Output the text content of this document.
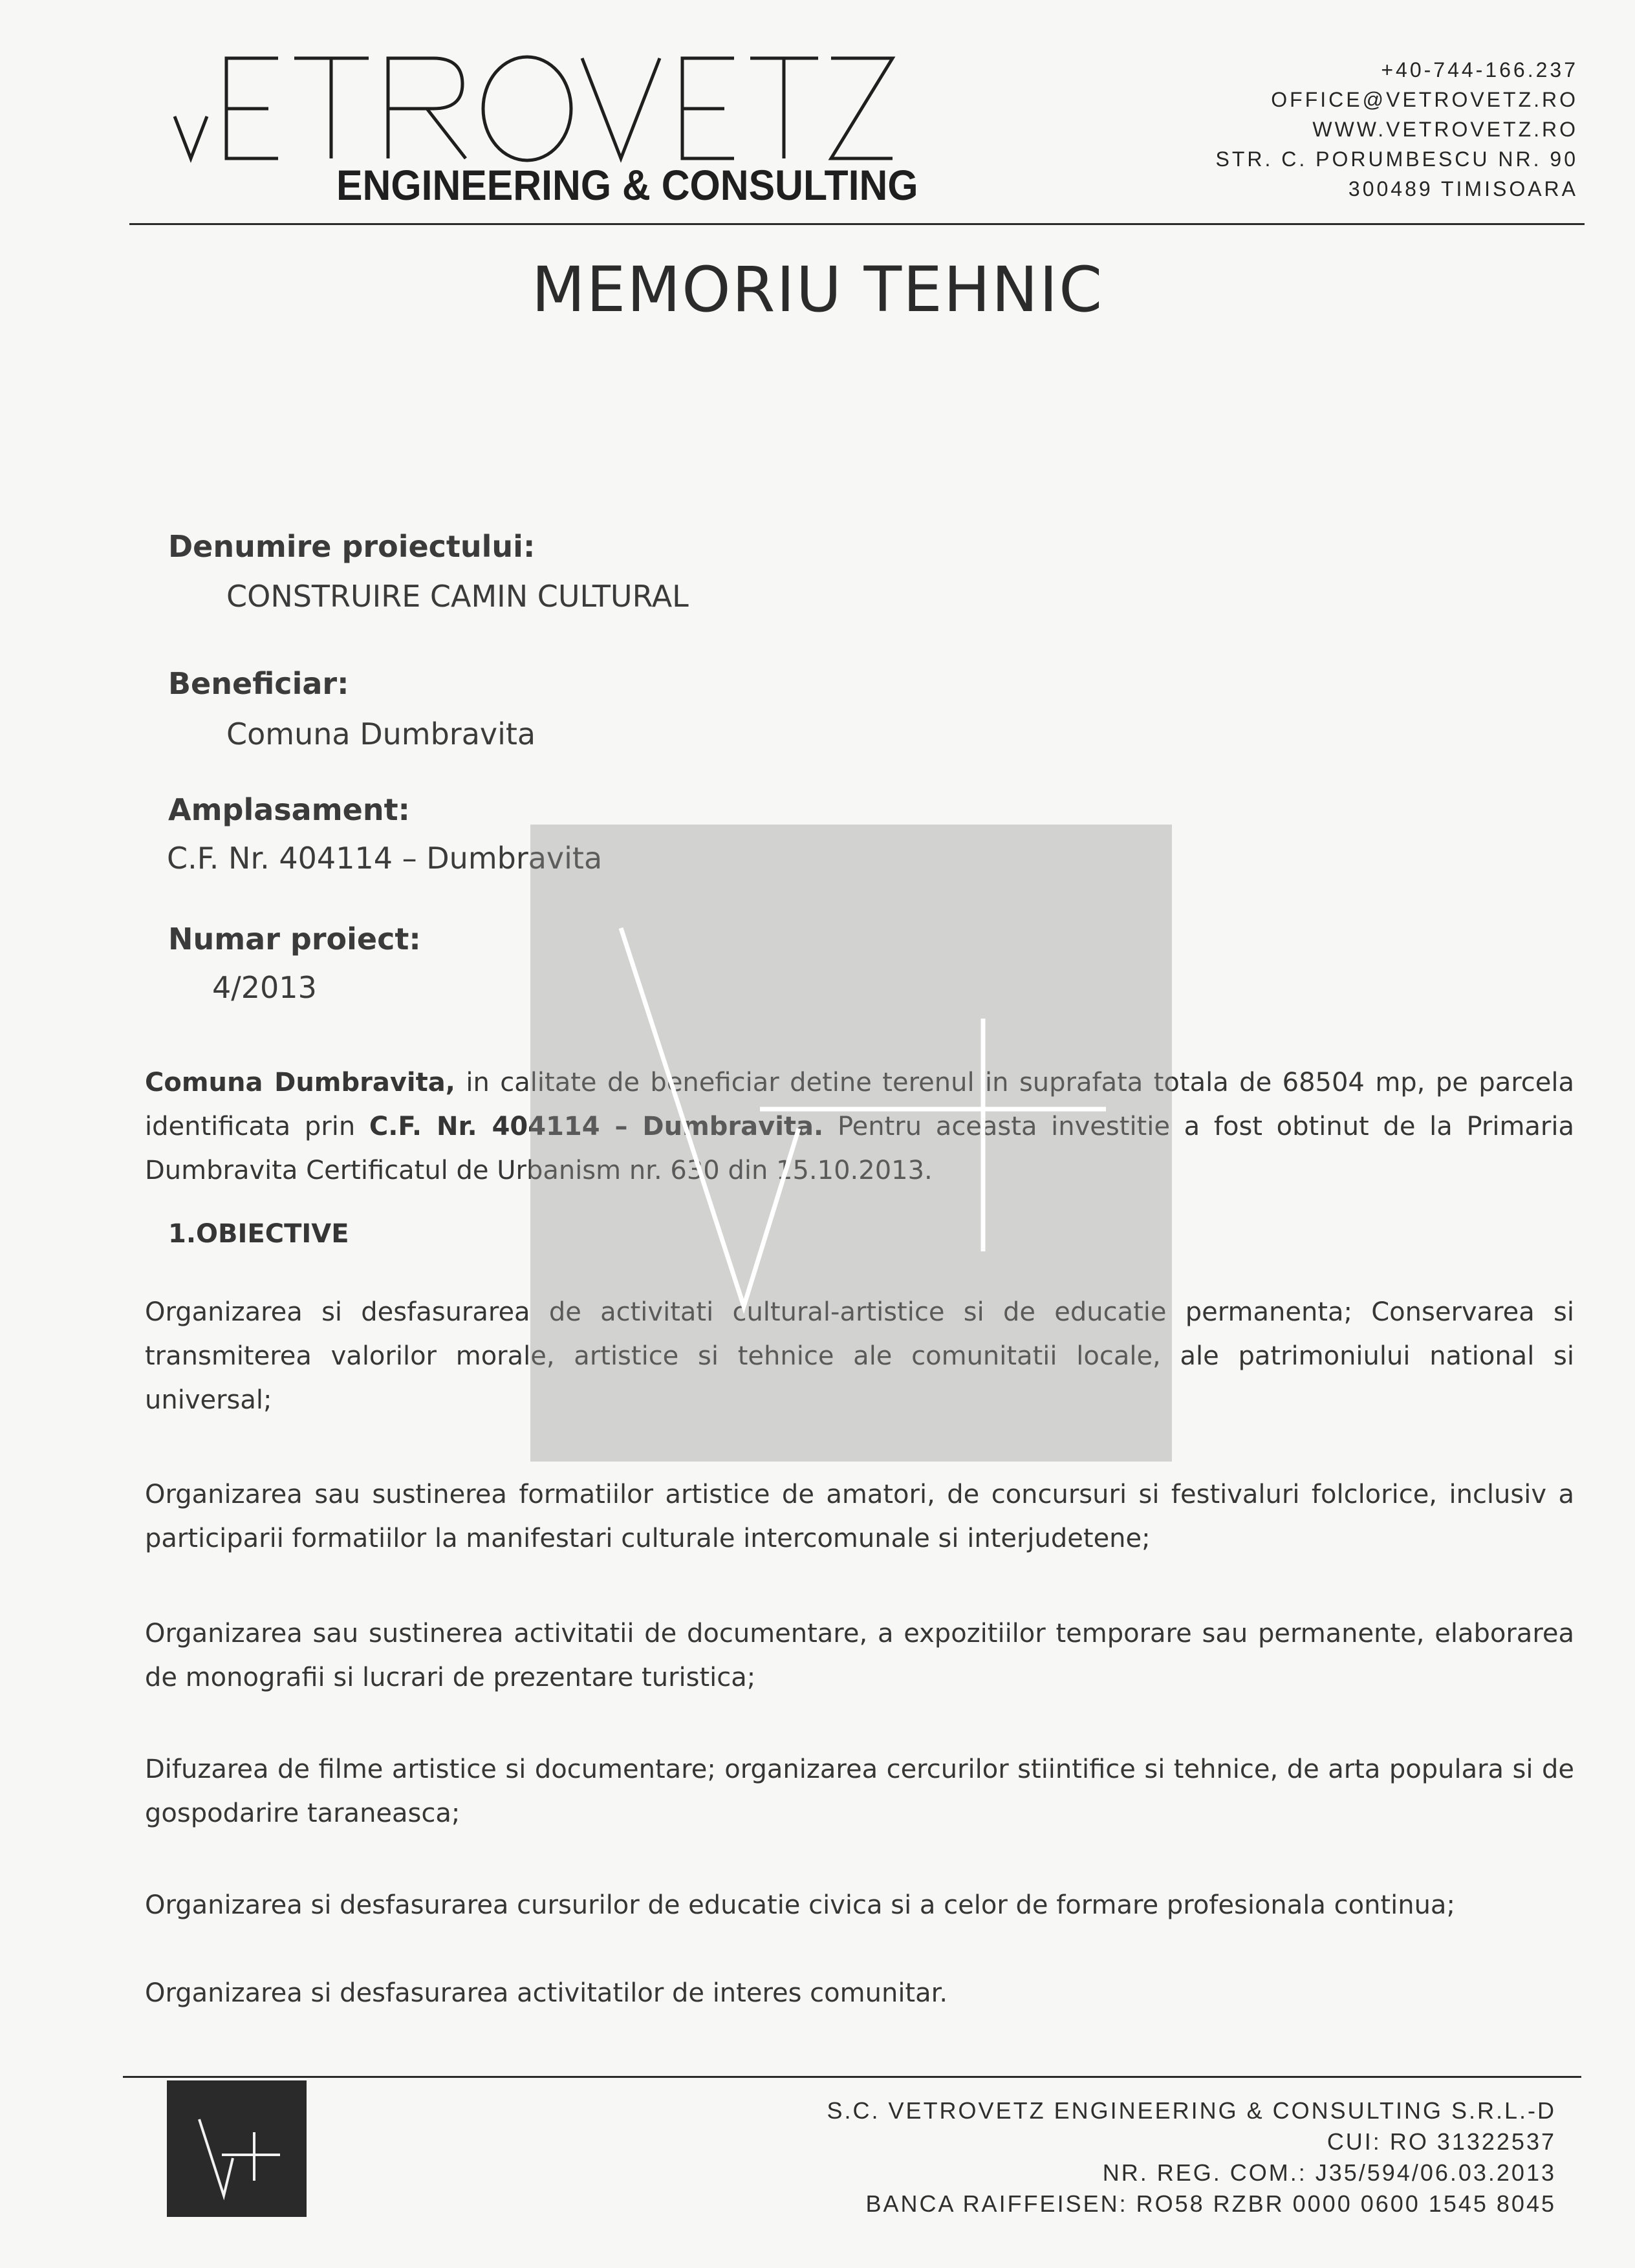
VETROVETZ
ENGINEERING & CONSULTING
+40-744-166.237
OFFICE@VETROVETZ.RO
WWW.VETROVETZ.RO
STR. C. PORUMBESCU NR. 90
300489 TIMISOARA
MEMORIU TEHNIC
Denumire proiectului:
CONSTRUIRE CAMIN CULTURAL
Beneficiar:
Comuna Dumbravita
Amplasament:
C.F. Nr. 404114 – Dumbravita
Numar proiect:
4/2013
Comuna Dumbravita, in calitate de beneficiar detine terenul in suprafata totala de 68504 mp, pe parcela identificata prin C.F. Nr. 404114 – Dumbravita. Pentru aceasta investitie a fost obtinut de la Primaria Dumbravita Certificatul de Urbanism nr. 630 din 15.10.2013.
1.OBIECTIVE
Organizarea si desfasurarea de activitati cultural-artistice si de educatie permanenta; Conservarea si transmiterea valorilor morale, artistice si tehnice ale comunitatii locale, ale patrimoniului national si universal;
Organizarea sau sustinerea formatiilor artistice de amatori, de concursuri si festivaluri folclorice, inclusiv a participarii formatiilor la manifestari culturale intercomunale si interjudetene;
Organizarea sau sustinerea activitatii de documentare, a expozitiilor temporare sau permanente, elaborarea de monografii si lucrari de prezentare turistica;
Difuzarea de filme artistice si documentare; organizarea cercurilor stiintifice si tehnice, de arta populara si de gospodarire taraneasca;
Organizarea si desfasurarea cursurilor de educatie civica si a celor de formare profesionala continua;
Organizarea si desfasurarea activitatilor de interes comunitar.
S.C. VETROVETZ ENGINEERING & CONSULTING S.R.L.-D
CUI: RO 31322537
NR. REG. COM.: J35/594/06.03.2013
BANCA RAIFFEISEN: RO58 RZBR 0000 0600 1545 8045
